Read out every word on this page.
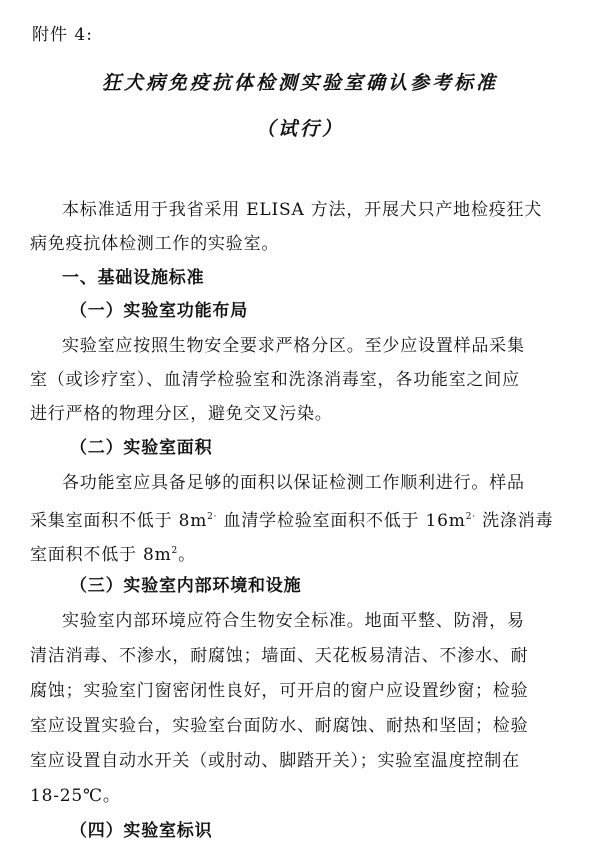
附件 4:
狂犬病免疫抗体检测实验室确认参考标准
（试行）
本标准适用于我省采用 ELISA 方法，开展犬只产地检疫狂犬
病免疫抗体检测工作的实验室。
一、基础设施标准
（一）实验室功能布局
实验室应按照生物安全要求严格分区。至少应设置样品采集
室（或诊疗室）、血清学检验室和洗涤消毒室，各功能室之间应
进行严格的物理分区，避免交叉污染。
（二）实验室面积
各功能室应具备足够的面积以保证检测工作顺利进行。样品
采集室面积不低于 $8m^{2\cdot}$ 血清学检验室面积不低于 $16m^{2\cdot}$ 洗涤消毒
室面积不低于 $8m^2$。
（三）实验室内部环境和设施
实验室内部环境应符合生物安全标准。地面平整、防滑，易
清洁消毒、不渗水，耐腐蚀；墙面、天花板易清洁、不渗水、耐
腐蚀；实验室门窗密闭性良好，可开启的窗户应设置纱窗；检验
室应设置实验台，实验室台面防水、耐腐蚀、耐热和坚固；检验
室应设置自动水开关（或肘动、脚踏开关）；实验室温度控制在
18-25℃。
（四）实验室标识
